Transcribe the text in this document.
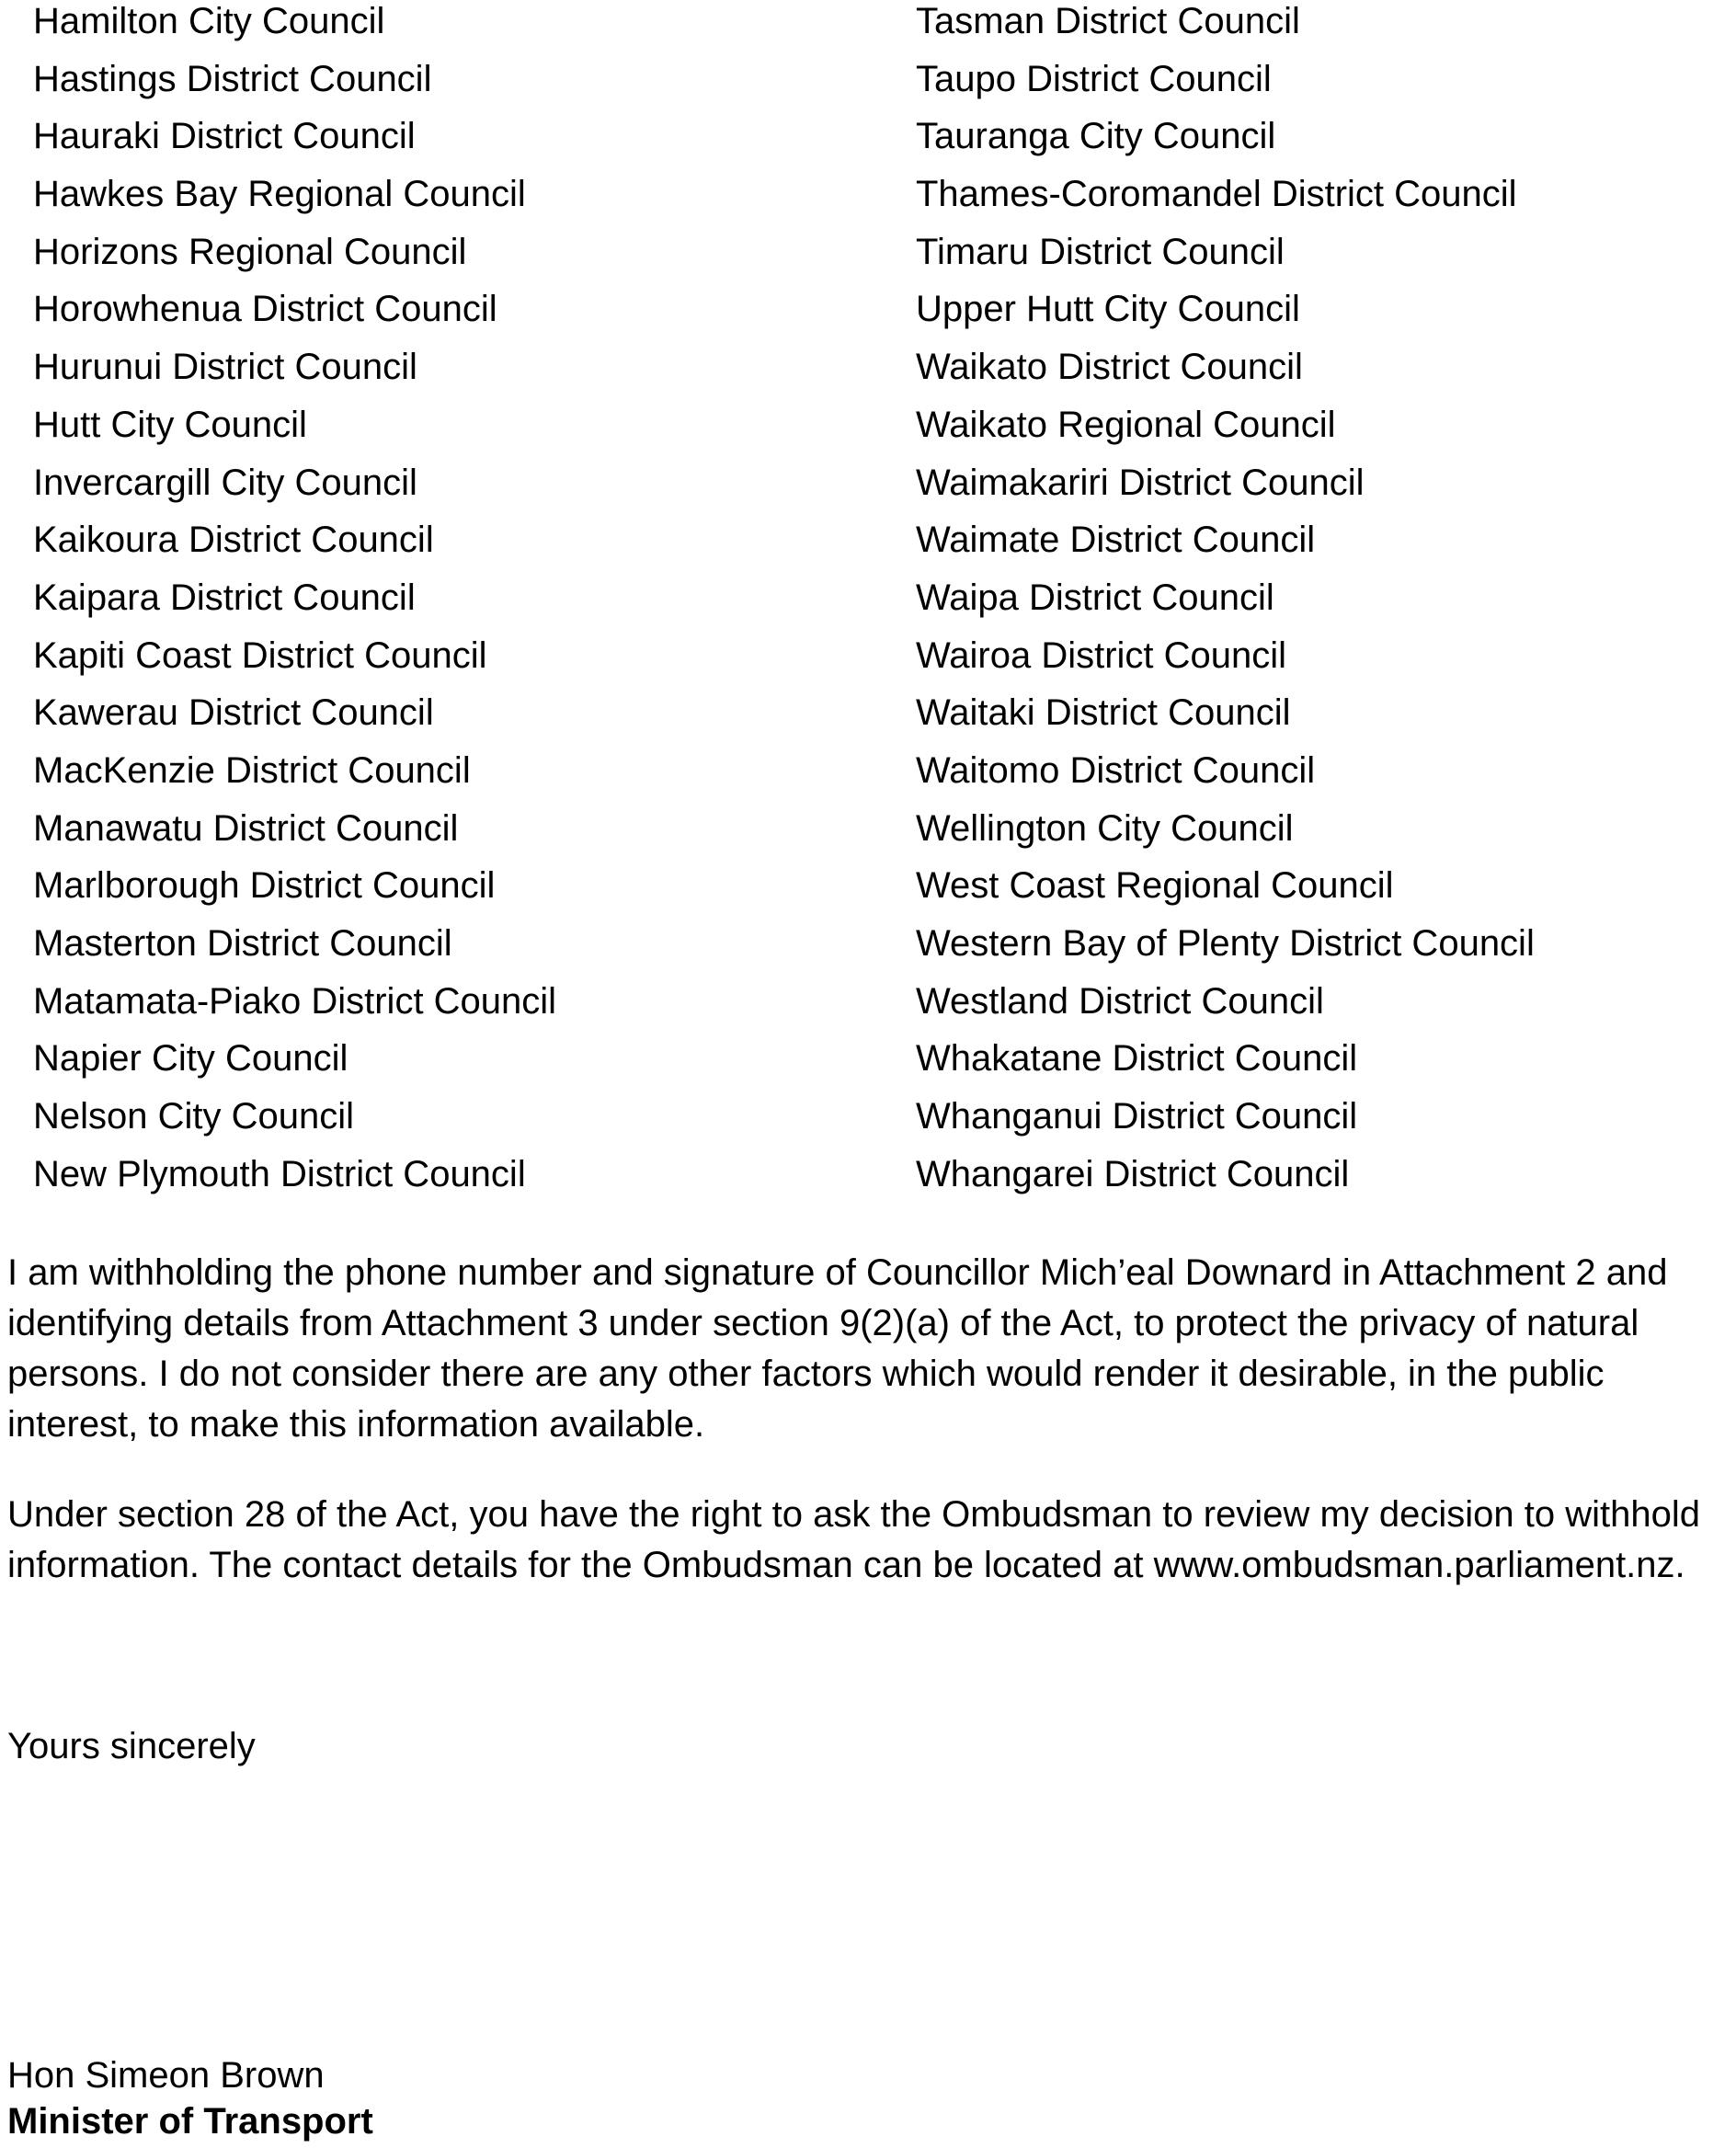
Hamilton City Council
Hastings District Council
Hauraki District Council
Hawkes Bay Regional Council
Horizons Regional Council
Horowhenua District Council
Hurunui District Council
Hutt City Council
Invercargill City Council
Kaikoura District Council
Kaipara District Council
Kapiti Coast District Council
Kawerau District Council
MacKenzie District Council
Manawatu District Council
Marlborough District Council
Masterton District Council
Matamata-Piako District Council
Napier City Council
Nelson City Council
New Plymouth District Council
Tasman District Council
Taupo District Council
Tauranga City Council
Thames-Coromandel District Council
Timaru District Council
Upper Hutt City Council
Waikato District Council
Waikato Regional Council
Waimakariri District Council
Waimate District Council
Waipa District Council
Wairoa District Council
Waitaki District Council
Waitomo District Council
Wellington City Council
West Coast Regional Council
Western Bay of Plenty District Council
Westland District Council
Whakatane District Council
Whanganui District Council
Whangarei District Council

I am withholding the phone number and signature of Councillor Mich’eal Downard in Attachment 2 and identifying details from Attachment 3 under section 9(2)(a) of the Act, to protect the privacy of natural persons. I do not consider there are any other factors which would render it desirable, in the public interest, to make this information available.

Under section 28 of the Act, you have the right to ask the Ombudsman to review my decision to withhold information. The contact details for the Ombudsman can be located at www.ombudsman.parliament.nz.

Yours sincerely

Hon Simeon Brown

Minister of Transport
